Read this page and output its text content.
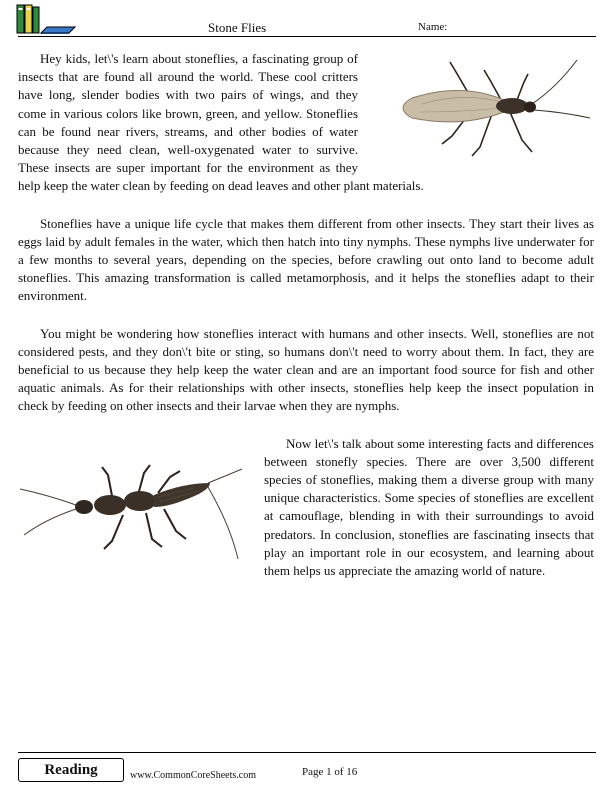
Stone Flies	Name:

Hey kids, let\'s learn about stoneflies, a fascinating group of insects that are found all around the world. These cool critters have long, slender bodies with two pairs of wings, and they come in various colors like brown, green, and yellow. Stoneflies can be found near rivers, streams, and other bodies of water because they need clean, well-oxygenated water to survive. These insects are super important for the environment as they help keep the water clean by feeding on dead leaves and other plant materials.

Stoneflies have a unique life cycle that makes them different from other insects. They start their lives as eggs laid by adult females in the water, which then hatch into tiny nymphs. These nymphs live underwater for a few months to several years, depending on the species, before crawling out onto land to become adult stoneflies. This amazing transformation is called metamorphosis, and it helps the stoneflies adapt to their environment.

You might be wondering how stoneflies interact with humans and other insects. Well, stoneflies are not considered pests, and they don\'t bite or sting, so humans don\'t need to worry about them. In fact, they are beneficial to us because they help keep the water clean and are an important food source for fish and other aquatic animals. As for their relationships with other insects, stoneflies help keep the insect population in check by feeding on other insects and their larvae when they are nymphs.

Now let\'s talk about some interesting facts and differences between stonefly species. There are over 3,500 different species of stoneflies, making them a diverse group with many unique characteristics. Some species of stoneflies are excellent at camouflage, blending in with their surroundings to avoid predators. In conclusion, stoneflies are fascinating insects that play an important role in our ecosystem, and learning about them helps us appreciate the amazing world of nature.

Reading	www.CommonCoreSheets.com	Page 1 of 16
